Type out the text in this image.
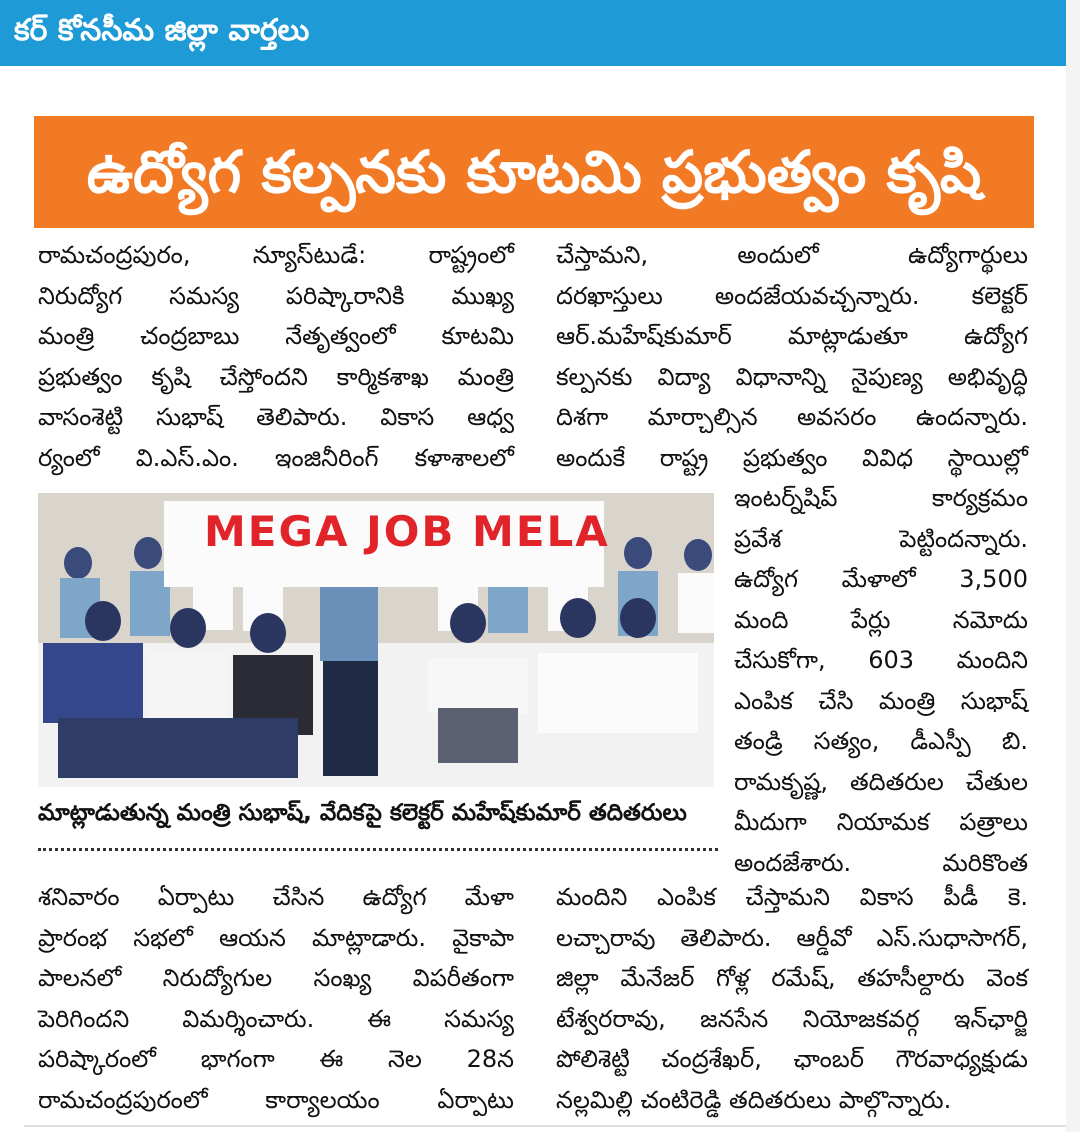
కర్ కోనసీమ జిల్లా వార్తలు
ఉద్యోగ కల్పనకు కూటమి ప్రభుత్వం కృషి

రామచంద్రపురం, న్యూస్‌టుడే: రాష్ట్రంలో

నిరుద్యోగ సమస్య పరిష్కారానికి ముఖ్య

మంత్రి చంద్రబాబు నేతృత్వంలో కూటమి

ప్రభుత్వం కృషి చేస్తోందని కార్మికశాఖ మంత్రి

వాసంశెట్టి సుభాష్ తెలిపారు. వికాస ఆధ్వ

ర్యంలో వి.ఎస్.ఎం. ఇంజినీరింగ్ కళాశాలలో

చేస్తామని, అందులో ఉద్యోగార్థులు

దరఖాస్తులు అందజేయవచ్చన్నారు. కలెక్టర్

ఆర్.మహేష్‌కుమార్ మాట్లాడుతూ ఉద్యోగ

కల్పనకు విద్యా విధానాన్ని నైపుణ్య అభివృద్ధి

దిశగా మార్చాల్సిన అవసరం ఉందన్నారు.

అందుకే రాష్ట్ర ప్రభుత్వం వివిధ స్థాయిల్లో

MEGA JOB MELA

ఇంటర్న్‌షిప్ కార్యక్రమం

ప్రవేశ పెట్టిందన్నారు.

ఉద్యోగ మేళాలో 3,500

మంది పేర్లు నమోదు

చేసుకోగా, 603 మందిని

ఎంపిక చేసి మంత్రి సుభాష్

తండ్రి సత్యం, డీఎస్పీ బి.

రామకృష్ణ, తదితరుల చేతుల

మీదుగా నియామక పత్రాలు

అందజేశారు. మరికొంత

మాట్లాడుతున్న మంత్రి సుభాష్, వేదికపై కలెక్టర్ మహేష్‌కుమార్ తదితరులు

శనివారం ఏర్పాటు చేసిన ఉద్యోగ మేళా

ప్రారంభ సభలో ఆయన మాట్లాడారు. వైకాపా

పాలనలో నిరుద్యోగుల సంఖ్య విపరీతంగా

పెరిగిందని విమర్శించారు. ఈ సమస్య

పరిష్కారంలో భాగంగా ఈ నెల 28న

రామచంద్రపురంలో కార్యాలయం ఏర్పాటు

మందిని ఎంపిక చేస్తామని వికాస పీడీ కె.

లచ్చారావు తెలిపారు. ఆర్డీవో ఎస్.సుధాసాగర్,

జిల్లా మేనేజర్ గోళ్ల రమేష్, తహసీల్దారు వెంక

టేశ్వరరావు, జనసేన నియోజకవర్గ ఇన్‌ఛార్జి

పోలిశెట్టి చంద్రశేఖర్, ఛాంబర్ గౌరవాధ్యక్షుడు

నల్లమిల్లి చంటిరెడ్డి తదితరులు పాల్గొన్నారు.
